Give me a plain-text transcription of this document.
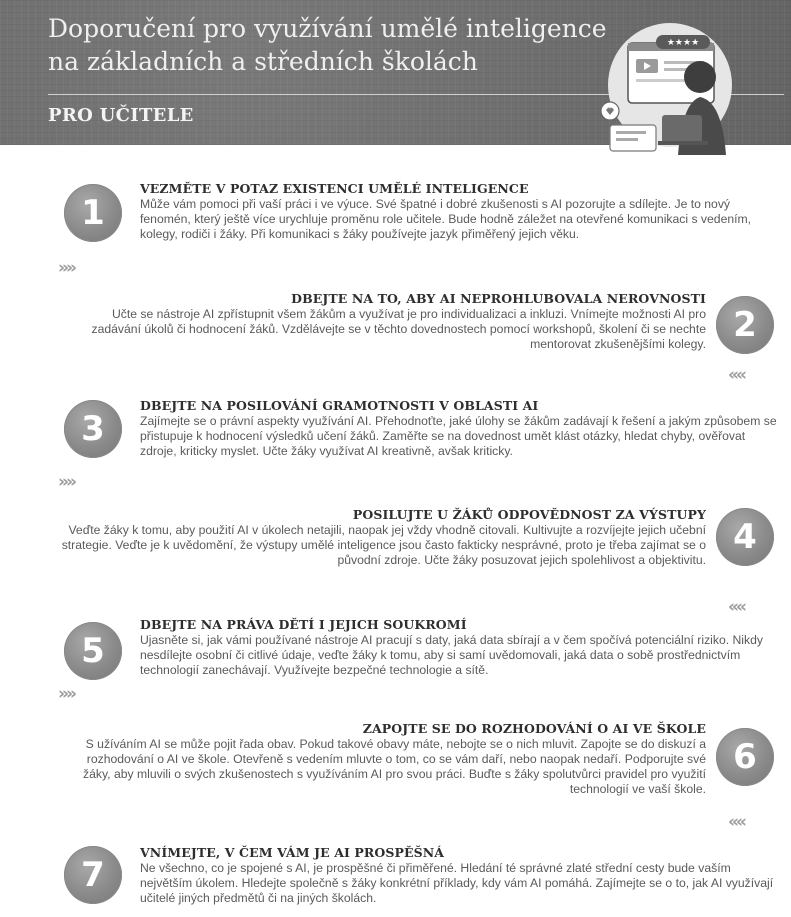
Doporučení pro využívání umělé inteligence na základních a středních školách
PRO UČITELE
★★★★
1

VEZMĚTE V POTAZ EXISTENCI UMĚLÉ INTELIGENCE

Může vám pomoci při vaší práci i ve výuce. Své špatné i dobré zkušenosti s AI pozorujte a sdílejte. Je to nový fenomén, který ještě více urychluje proměnu role učitele. Bude hodně záležet na otevřené komunikaci s vedením, kolegy, rodiči i žáky. Při komunikaci s žáky používejte jazyk přiměřený jejich věku.

»»

DBEJTE NA TO, ABY AI NEPROHLUBOVALA NEROVNOSTI

Učte se nástroje AI zpřístupnit všem žákům a využívat je pro individualizaci a inkluzi. Vnímejte možnosti AI pro zadávání úkolů či hodnocení žáků. Vzdělávejte se v těchto dovednostech pomocí workshopů, školení či se nechte mentorovat zkušenějšími kolegy. 2
««
3

DBEJTE NA POSILOVÁNÍ GRAMOTNOSTI V OBLASTI AI

Zajímejte se o právní aspekty využívání AI. Přehodnoťte, jaké úlohy se žákům zadávají k řešení a jakým způsobem se přistupuje k hodnocení výsledků učení žáků. Zaměřte se na dovednost umět klást otázky, hledat chyby, ověřovat zdroje, kriticky myslet. Učte žáky využívat AI kreativně, avšak kriticky.

»»

POSILUJTE U ŽÁKŮ ODPOVĚDNOST ZA VÝSTUPY

Veďte žáky k tomu, aby použití AI v úkolech netajili, naopak jej vždy vhodně citovali. Kultivujte a rozvíjejte jejich učební strategie. Veďte je k uvědomění, že výstupy umělé inteligence jsou často fakticky nesprávné, proto je třeba zajímat se o původní zdroje. Učte žáky posuzovat jejich spolehlivost a objektivitu.

4
««
5

DBEJTE NA PRÁVA DĚTÍ I JEJICH SOUKROMÍ

Ujasněte si, jak vámi používané nástroje AI pracují s daty, jaká data sbírají a v čem spočívá potenciální riziko. Nikdy nesdílejte osobní či citlivé údaje, veďte žáky k tomu, aby si samí uvědomovali, jaká data o sobě prostřednictvím technologií zanechávají. Využívejte bezpečné technologie a sítě.

»»

ZAPOJTE SE DO ROZHODOVÁNÍ O AI VE ŠKOLE

S užíváním AI se může pojit řada obav. Pokud takové obavy máte, nebojte se o nich mluvit. Zapojte se do diskuzí a rozhodování o AI ve škole. Otevřeně s vedením mluvte o tom, co se vám daří, nebo naopak nedaří. Podporujte své žáky, aby mluvili o svých zkušenostech s využíváním AI pro svou práci. Buďte s žáky spolutvůrci pravidel pro využití technologií ve vaší škole.

6
««
7

VNÍMEJTE, V ČEM VÁM JE AI PROSPĚŠNÁ

Ne všechno, co je spojené s AI, je prospěšné či přiměřené. Hledání té správné zlaté střední cesty bude vaším největším úkolem. Hledejte společně s žáky konkrétní příklady, kdy vám AI pomáhá. Zajímejte se o to, jak AI využívají učitelé jiných předmětů či na jiných školách.
